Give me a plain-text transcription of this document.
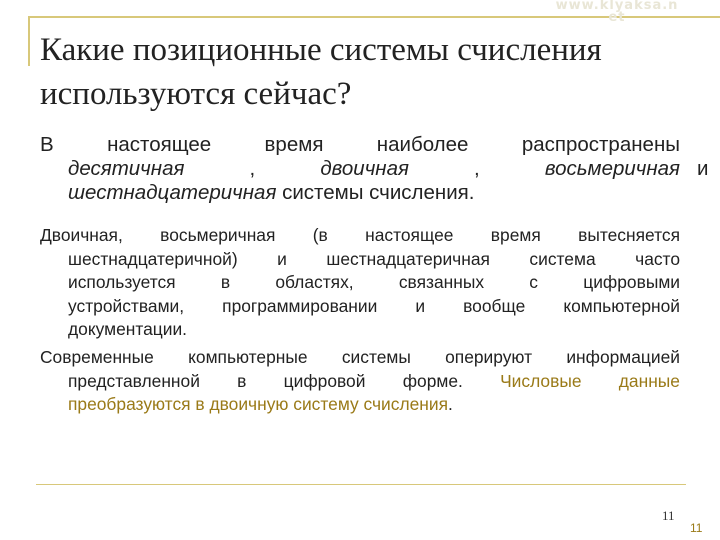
www.klyaksa.n
et
Какие позиционные системы счисления
используются сейчас?

В настоящее время наиболее распространены
десятичная , двоичная , восьмеричная
шестнадцатеричная системы счисления.

и

Двоичная, восьмеричная (в настоящее время вытесняется
шестнадцатеричной) и шестнадцатеричная система часто
используется в областях, связанных с цифровыми
устройствами, программировании и вообще компьютерной
документации.

Современные компьютерные системы оперируют информацией
представленной в цифровой форме. Числовые данные
преобразуются в двоичную систему счисления.

11
11
